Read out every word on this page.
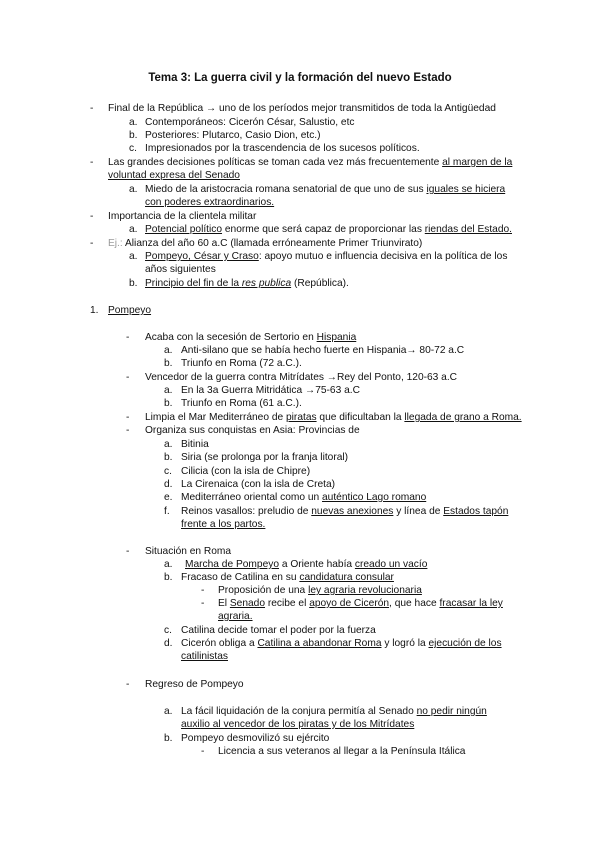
Tema 3: La guerra civil y la formación del nuevo Estado
- Final de la República → uno de los períodos mejor transmitidos de toda la Antigüedad
a. Contemporáneos: Cicerón César, Salustio, etc
b. Posteriores: Plutarco, Casio Dion, etc.)
c. Impresionados por la trascendencia de los sucesos políticos.
- Las grandes decisiones políticas se toman cada vez más frecuentemente al margen de la
voluntad expresa del Senado
a. Miedo de la aristocracia romana senatorial de que uno de sus iguales se hiciera
con poderes extraordinarios.
- Importancia de la clientela militar
a. Potencial político enorme que será capaz de proporcionar las riendas del Estado.
- Ej.: Alianza del año 60 a.C (llamada erróneamente Primer Triunvirato)
a. Pompeyo, César y Craso: apoyo mutuo e influencia decisiva en la política de los
años siguientes
b. Principio del fin de la res publica (República).
1. Pompeyo
- Acaba con la secesión de Sertorio en Hispania
a. Anti-silano que se había hecho fuerte en Hispania→ 80-72 a.C
b. Triunfo en Roma (72 a.C.).
- Vencedor de la guerra contra Mitrídates →Rey del Ponto, 120-63 a.C
a. En la 3a Guerra Mitridática →75-63 a.C
b. Triunfo en Roma (61 a.C.).
- Limpia el Mar Mediterráneo de piratas que dificultaban la llegada de grano a Roma.
- Organiza sus conquistas en Asia: Provincias de
a. Bitinia
b. Siria (se prolonga por la franja litoral)
c. Cilicia (con la isla de Chipre)
d. La Cirenaica (con la isla de Creta)
e. Mediterráneo oriental como un auténtico Lago romano
f. Reinos vasallos: preludio de nuevas anexiones y línea de Estados tapón
frente a los partos.
- Situación en Roma
a. Marcha de Pompeyo a Oriente había creado un vacío
b. Fracaso de Catilina en su candidatura consular
- Proposición de una ley agraria revolucionaria
- El Senado recibe el apoyo de Cicerón, que hace fracasar la ley
agraria.
c. Catilina decide tomar el poder por la fuerza
d. Cicerón obliga a Catilina a abandonar Roma y logró la ejecución de los
catilinistas
- Regreso de Pompeyo
a. La fácil liquidación de la conjura permitía al Senado no pedir ningún
auxilio al vencedor de los piratas y de los Mitrídates
b. Pompeyo desmovilizó su ejército
- Licencia a sus veteranos al llegar a la Península Itálica
